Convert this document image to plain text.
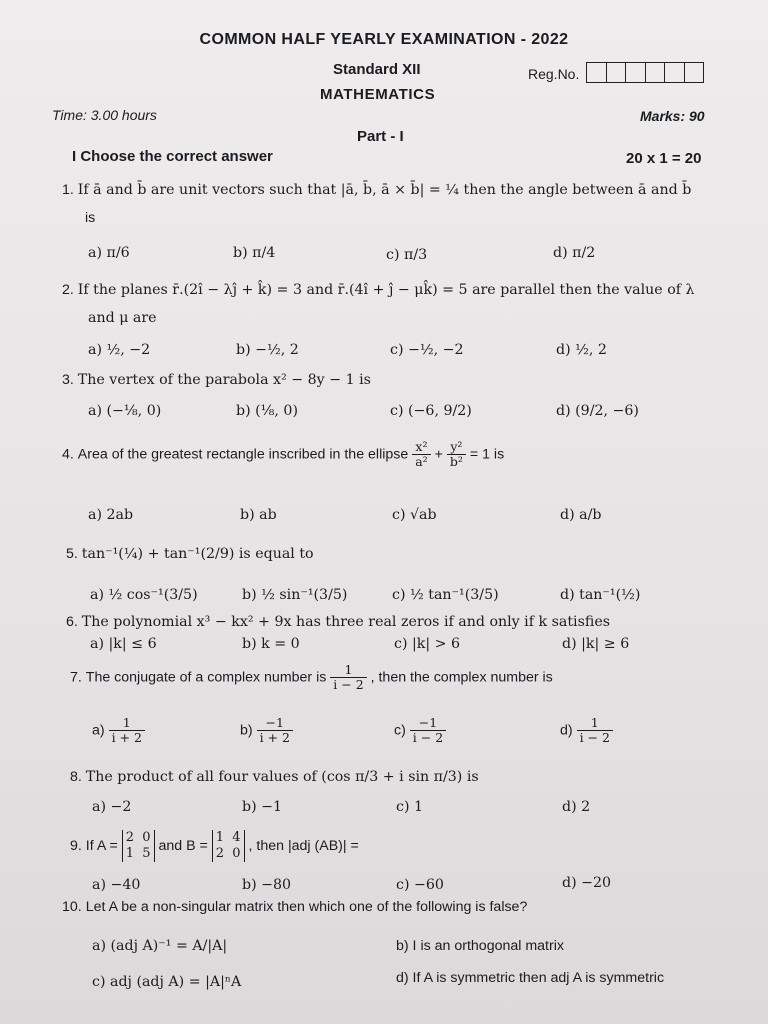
COMMON HALF YEARLY EXAMINATION - 2022
Standard XII
MATHEMATICS
Reg.No.
Time: 3.00 hours	Marks: 90
Part - I
I Choose the correct answer	20 x 1 = 20
1. If ā and b̄ are unit vectors such that |ā, b̄, ā × b̄| = ¼ then the angle between ā and b̄
is
a) π/6	b) π/4	c) π/3	d) π/2
2. If the planes r̄.(2î − λĵ + k̂) = 3 and r̄.(4î + ĵ − μk̂) = 5 are parallel then the value of λ
and μ are
a) ½, −2	b) −½, 2	c) −½, −2	d) ½, 2
3. The vertex of the parabola x² − 8y − 1 is
a) (−⅛, 0)	b) (⅛, 0)	c) (−6, 9/2)	d) (9/2, −6)
4. Area of the greatest rectangle inscribed in the ellipse $\frac{\text{x²}}{\text{a²}} + \frac{\text{y²}}{\text{b²}} = 1$ is
a) 2ab	b) ab	c) √ab	d) a/b
5. tan⁻¹(¼) + tan⁻¹(2/9) is equal to
a) ½ cos⁻¹(3/5)	b) ½ sin⁻¹(3/5)	c) ½ tan⁻¹(3/5)	d) tan⁻¹(½)
6. The polynomial x³ − kx² + 9x has three real zeros if and only if k satisfies
a) |k| ≤ 6	b) k = 0	c) |k| > 6	d) |k| ≥ 6
7. The conjugate of a complex number is $\frac{1}{i - 2}$ , then the complex number is
$a) \frac{1}{i + 2}$	$b) \frac{-1}{i + 2}$	$c) \frac{-1}{i - 2}$	$d) \frac{1}{i - 2}$
8. The product of all four values of (cos π/3 + i sin π/3) is
a) −2	b) −1	c) 1	d) 2
9. If A =
2 0
1 5 and B =
1 4
2 0 , then |adj (AB)| =
a) −40	b) −80	c) −60	d) −20
10. Let A be a non-singular matrix then which one of the following is false?
a) (adj A)⁻¹ = A/|A|	b) I is an orthogonal matrix
c) adj (adj A) = |A|ⁿA	d) If A is symmetric then adj A is symmetric
